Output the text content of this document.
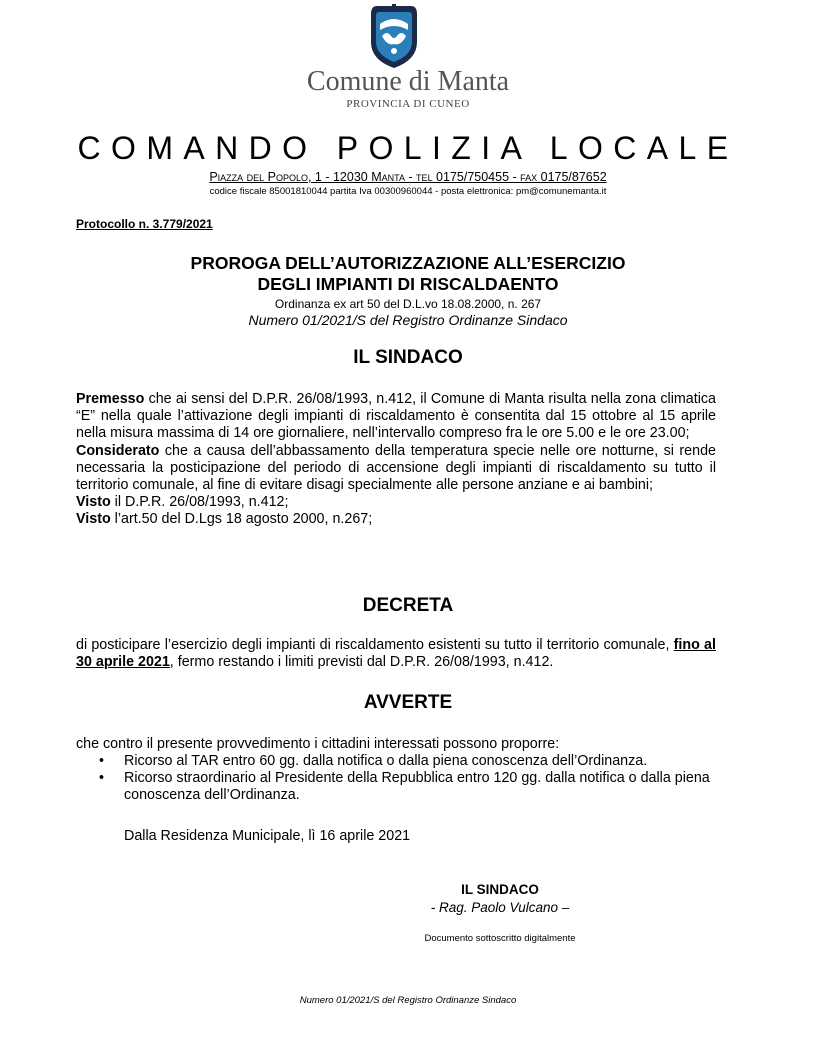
Comune di Manta
PROVINCIA DI CUNEO
COMANDO POLIZIA LOCALE
Piazza del Popolo, 1 - 12030 Manta - tel 0175/750455 - fax 0175/87652
codice fiscale 85001810044 partita Iva 00300960044 - posta elettronica: pm@comunemanta.it
Protocollo n. 3.779/2021
PROROGA DELL’AUTORIZZAZIONE ALL’ESERCIZIO
DEGLI IMPIANTI DI RISCALDAENTO
Ordinanza ex art 50 del D.L.vo 18.08.2000, n. 267
Numero 01/2021/S del Registro Ordinanze Sindaco
IL SINDACO

Premesso che ai sensi del D.P.R. 26/08/1993, n.412, il Comune di Manta risulta nella zona climatica “E” nella quale l’attivazione degli impianti di riscaldamento è consentita dal 15 ottobre al 15 aprile nella misura massima di 14 ore giornaliere, nell’intervallo compreso fra le ore 5.00 e le ore 23.00;

Considerato che a causa dell’abbassamento della temperatura specie nelle ore notturne, si rende necessaria la posticipazione del periodo di accensione degli impianti di riscaldamento su tutto il territorio comunale, al fine di evitare disagi specialmente alle persone anziane e ai bambini;

Visto il D.P.R. 26/08/1993, n.412;

Visto l’art.50 del D.Lgs 18 agosto 2000, n.267;

DECRETA

di posticipare l’esercizio degli impianti di riscaldamento esistenti su tutto il territorio comunale, fino al 30 aprile 2021, fermo restando i limiti previsti dal D.P.R. 26/08/1993, n.412.

AVVERTE
che contro il presente provvedimento i cittadini interessati possono proporre:
• Ricorso al TAR entro 60 gg. dalla notifica o dalla piena conoscenza dell’Ordinanza.
• Ricorso straordinario al Presidente della Repubblica entro 120 gg. dalla notifica o dalla piena conoscenza dell’Ordinanza.
Dalla Residenza Municipale, lì 16 aprile 2021
IL SINDACO
- Rag. Paolo Vulcano –
Documento sottoscritto digitalmente
Numero 01/2021/S del Registro Ordinanze Sindaco
